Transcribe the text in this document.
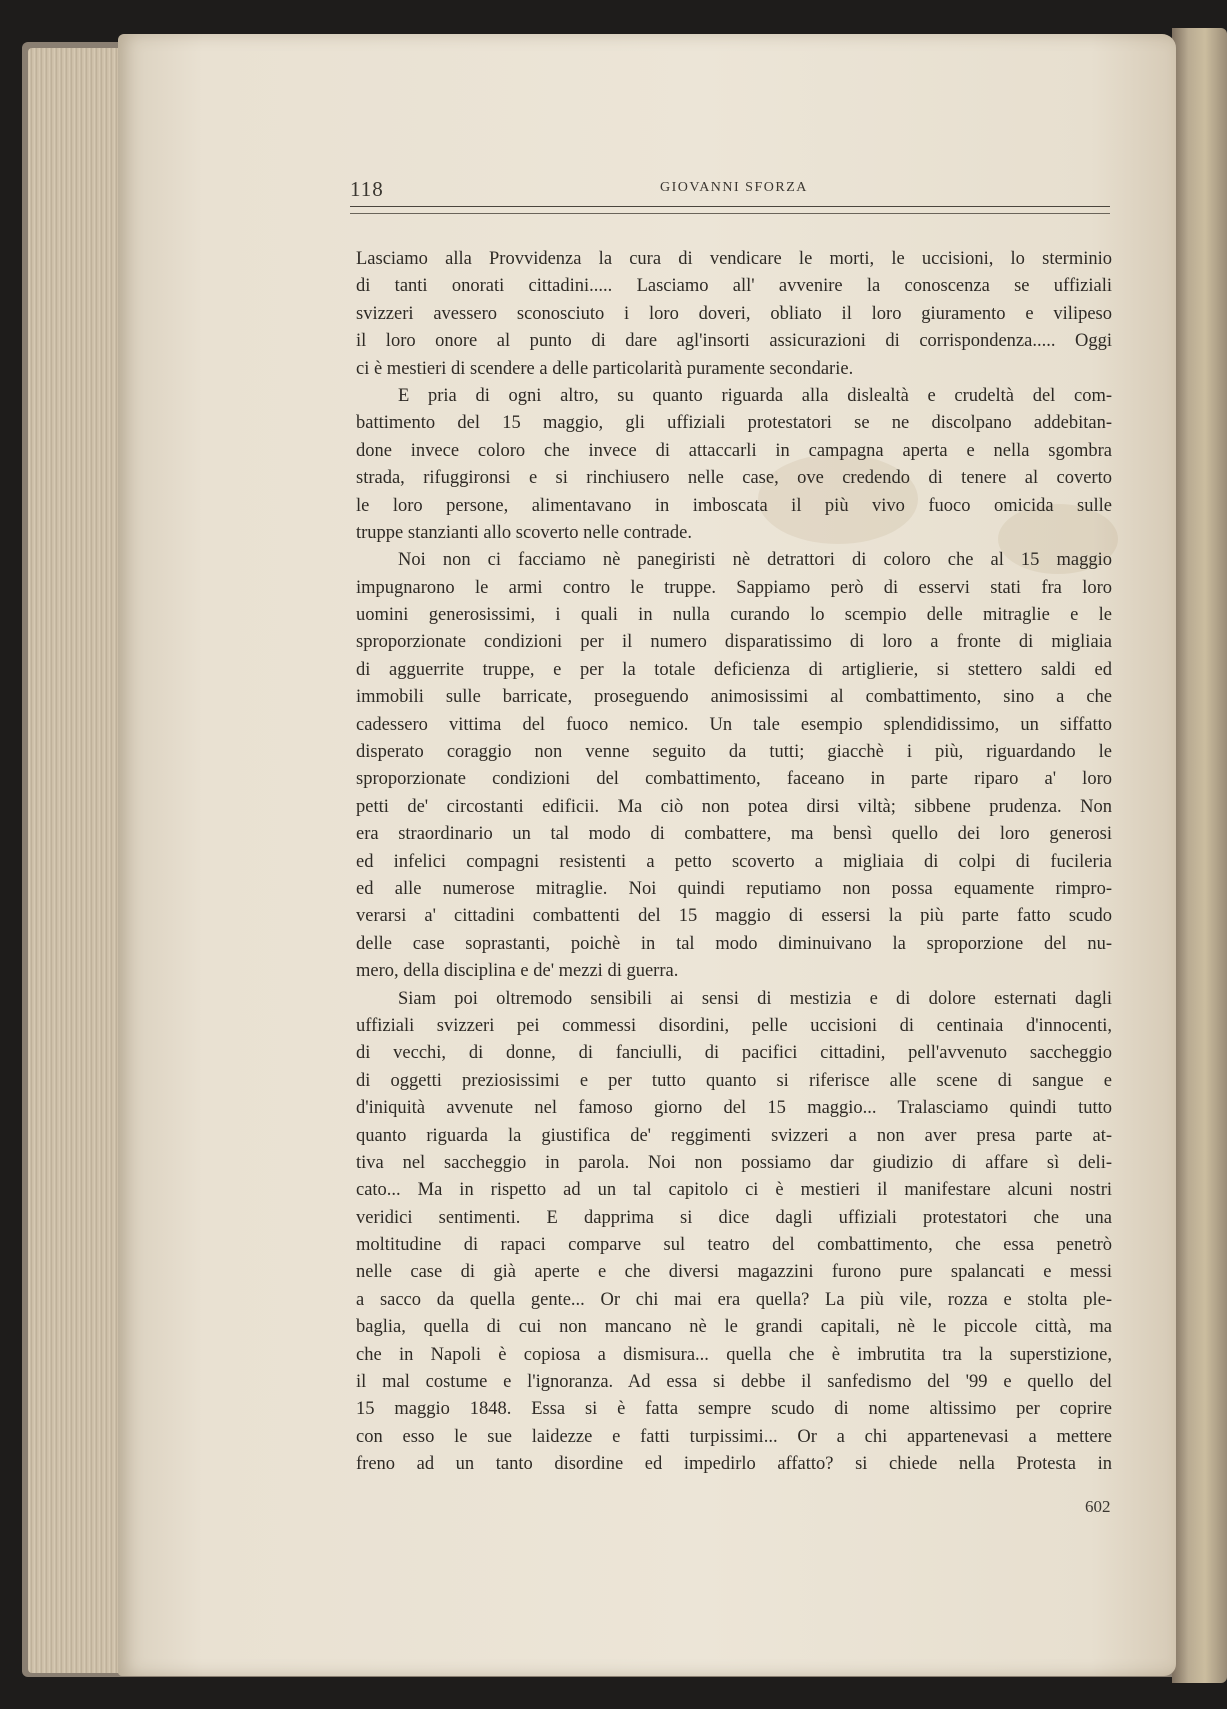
118	GIOVANNI SFORZA
Lasciamo alla Provvidenza la cura di vendicare le morti, le uccisioni, lo sterminio
di tanti onorati cittadini..... Lasciamo all' avvenire la conoscenza se uffiziali
svizzeri avessero sconosciuto i loro doveri, obliato il loro giuramento e vilipeso
il loro onore al punto di dare agl'insorti assicurazioni di corrispondenza..... Oggi
ci è mestieri di scendere a delle particolarità puramente secondarie.
E pria di ogni altro, su quanto riguarda alla dislealtà e crudeltà del com-
battimento del 15 maggio, gli uffiziali protestatori se ne discolpano addebitan-
done invece coloro che invece di attaccarli in campagna aperta e nella sgombra
strada, rifuggironsi e si rinchiusero nelle case, ove credendo di tenere al coverto
le loro persone, alimentavano in imboscata il più vivo fuoco omicida sulle
truppe stanzianti allo scoverto nelle contrade.
Noi non ci facciamo nè panegiristi nè detrattori di coloro che al 15 maggio
impugnarono le armi contro le truppe. Sappiamo però di esservi stati fra loro
uomini generosissimi, i quali in nulla curando lo scempio delle mitraglie e le
sproporzionate condizioni per il numero disparatissimo di loro a fronte di migliaia
di agguerrite truppe, e per la totale deficienza di artiglierie, si stettero saldi ed
immobili sulle barricate, proseguendo animosissimi al combattimento, sino a che
cadessero vittima del fuoco nemico. Un tale esempio splendidissimo, un siffatto
disperato coraggio non venne seguito da tutti; giacchè i più, riguardando le
sproporzionate condizioni del combattimento, faceano in parte riparo a' loro
petti de' circostanti edificii. Ma ciò non potea dirsi viltà; sibbene prudenza. Non
era straordinario un tal modo di combattere, ma bensì quello dei loro generosi
ed infelici compagni resistenti a petto scoverto a migliaia di colpi di fucileria
ed alle numerose mitraglie. Noi quindi reputiamo non possa equamente rimpro-
verarsi a' cittadini combattenti del 15 maggio di essersi la più parte fatto scudo
delle case soprastanti, poichè in tal modo diminuivano la sproporzione del nu-
mero, della disciplina e de' mezzi di guerra.
Siam poi oltremodo sensibili ai sensi di mestizia e di dolore esternati dagli
uffiziali svizzeri pei commessi disordini, pelle uccisioni di centinaia d'innocenti,
di vecchi, di donne, di fanciulli, di pacifici cittadini, pell'avvenuto saccheggio
di oggetti preziosissimi e per tutto quanto si riferisce alle scene di sangue e
d'iniquità avvenute nel famoso giorno del 15 maggio... Tralasciamo quindi tutto
quanto riguarda la giustifica de' reggimenti svizzeri a non aver presa parte at-
tiva nel saccheggio in parola. Noi non possiamo dar giudizio di affare sì deli-
cato... Ma in rispetto ad un tal capitolo ci è mestieri il manifestare alcuni nostri
veridici sentimenti. E dapprima si dice dagli uffiziali protestatori che una
moltitudine di rapaci comparve sul teatro del combattimento, che essa penetrò
nelle case di già aperte e che diversi magazzini furono pure spalancati e messi
a sacco da quella gente... Or chi mai era quella? La più vile, rozza e stolta ple-
baglia, quella di cui non mancano nè le grandi capitali, nè le piccole città, ma
che in Napoli è copiosa a dismisura... quella che è imbrutita tra la superstizione,
il mal costume e l'ignoranza. Ad essa si debbe il sanfedismo del '99 e quello del
15 maggio 1848. Essa si è fatta sempre scudo di nome altissimo per coprire
con esso le sue laidezze e fatti turpissimi... Or a chi appartenevasi a mettere
freno ad un tanto disordine ed impedirlo affatto? si chiede nella Protesta in
602
